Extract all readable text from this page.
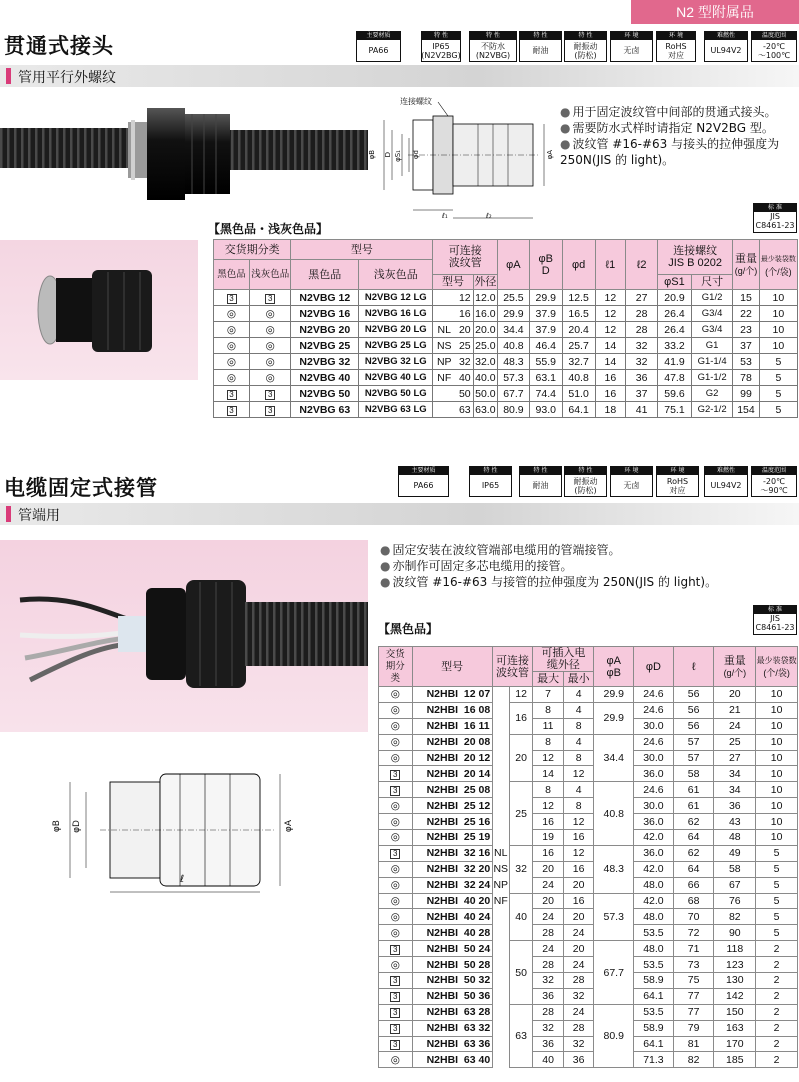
N2 型附属品
贯通式接头	主要材质
PA66
特 性
IP65
(N2V2BG)
特 性
不防水
(N2VBG)
特 性
耐油
特 性
耐振动
(防松)
环 境
无卤
环 境
RoHS
对应
难燃性
UL94V2
温度范围
-20℃
～100℃
管用平行外螺纹
连接螺纹
φB D φS₁ φd	φA
ℓ₁	ℓ₂
● 用于固定波纹管中间部的贯通式接头。
● 需要防水式样时请指定 N2V2BG 型。
● 波纹管 #16-#63 与接头的拉伸强度为 250N(JIS 的 light)。
【黑色品・浅灰色品】
标 准
JIS
C8461-23
交货期分类		型号		可连接波纹管			φA	φB
D	φd	ℓ1	ℓ2	连接螺纹
JIS B 0202		重量
(g/个)	最少装袋数
(个/袋)
黑色品	浅灰色品	黑色品	浅灰色品												
				型号		外径						φS1	尺寸		
3	3	N2VBG 12	N2VBG 12 LG		12	12.0	25.5	29.9	12.5	12	27	20.9	G1/2	15	10
◎	◎	N2VBG 16	N2VBG 16 LG		16	16.0	29.9	37.9	16.5	12	28	26.4	G3/4	22	10
◎	◎	N2VBG 20	N2VBG 20 LG	NL	20	20.0	34.4	37.9	20.4	12	28	26.4	G3/4	23	10
◎	◎	N2VBG 25	N2VBG 25 LG	NS	25	25.0	40.8	46.4	25.7	14	32	33.2	G1	37	10
◎	◎	N2VBG 32	N2VBG 32 LG	NP	32	32.0	48.3	55.9	32.7	14	32	41.9	G1-1/4	53	5
◎	◎	N2VBG 40	N2VBG 40 LG	NF	40	40.0	57.3	63.1	40.8	16	36	47.8	G1-1/2	78	5
3	3	N2VBG 50	N2VBG 50 LG		50	50.0	67.7	74.4	51.0	16	37	59.6	G2	99	5
3	3	N2VBG 63	N2VBG 63 LG		63	63.0	80.9	93.0	64.1	18	41	75.1	G2-1/2	154	5
电缆固定式接管
主要材质
PA66
特 性
IP65
特 性
耐油
特 性
耐振动
(防松)
环 境
无卤
环 境
RoHS
对应
难燃性
UL94V2
温度范围
-20℃
～90℃
管端用
● 固定安装在波纹管端部电缆用的管端接管。
● 亦制作可固定多芯电缆用的接管。
● 波纹管 #16-#63 与接管的拉伸强度为 250N(JIS 的 light)。
【黑色品】
标 准
JIS
C8461-23
φB φD	φA
ℓ
交货期分类	型号	可连接波纹管		可插入电缆外径		φA φB	φD	ℓ	重量
(g/个)	最少装袋数
(个/袋)
				最大	最小					
◎	N2HBI  12 07		12	7	4	29.9	24.6	56	20	10
◎	N2HBI  16 08		16	8	4	29.9	24.6	56	21	10
◎	N2HBI  16 11			11	8		30.0	56	24	10
◎	N2HBI  20 08		20	8	4	34.4	24.6	57	25	10
◎	N2HBI  20 12			12	8		30.0	57	27	10
3	N2HBI  20 14			14	12		36.0	58	34	10
3	N2HBI  25 08		25	8	4	40.8	24.6	61	34	10
◎	N2HBI  25 12			12	8		30.0	61	36	10
◎	N2HBI  25 16			16	12		36.0	62	43	10
◎	N2HBI  25 19			19	16		42.0	64	48	10
3	N2HBI  32 16	NL	32	16	12	48.3	36.0	62	49	5
◎	N2HBI  32 20	NS		20	16		42.0	64	58	5
◎	N2HBI  32 24	NP		24	20		48.0	66	67	5
◎	N2HBI  40 20	NF	40	20	16	57.3	42.0	68	76	5
◎	N2HBI  40 24			24	20		48.0	70	82	5
◎	N2HBI  40 28			28	24		53.5	72	90	5
3	N2HBI  50 24		50	24	20	67.7	48.0	71	118	2
◎	N2HBI  50 28			28	24		53.5	73	123	2
3	N2HBI  50 32			32	28		58.9	75	130	2
3	N2HBI  50 36			36	32		64.1	77	142	2
3	N2HBI  63 28		63	28	24	80.9	53.5	77	150	2
3	N2HBI  63 32			32	28		58.9	79	163	2
3	N2HBI  63 36			36	32		64.1	81	170	2
◎	N2HBI  63 40			40	36		71.3	82	185	2
